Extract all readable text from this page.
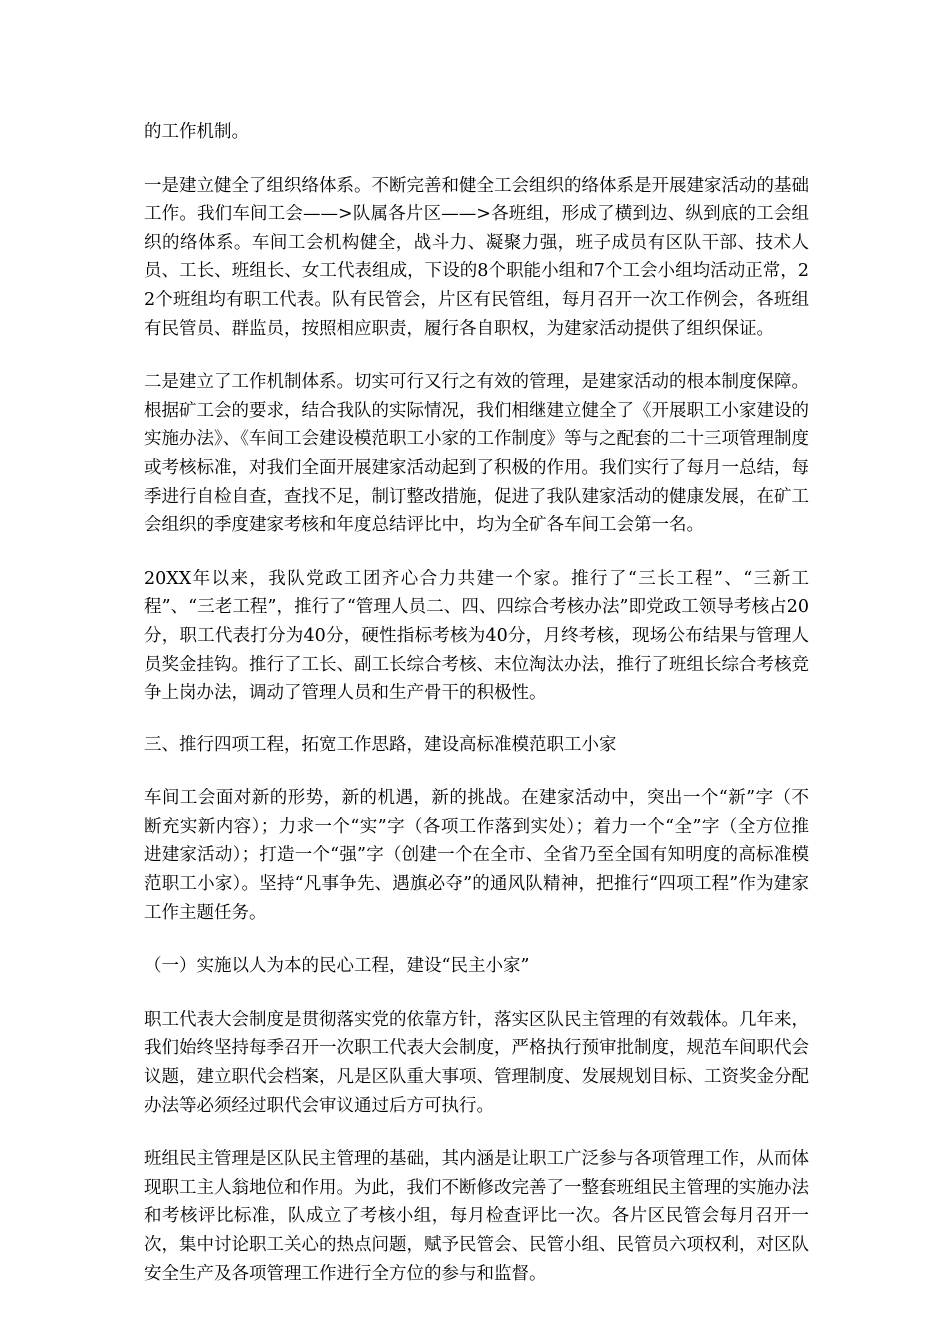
的工作机制。

一是建立健全了组织络体系。不断完善和健全工会组织的络体系是开展建家活动的基础工作。我们车间工会——>队属各片区——>各班组，形成了横到边、纵到底的工会组织的络体系。车间工会机构健全，战斗力、凝聚力强，班子成员有区队干部、技术人员、工长、班组长、女工代表组成，下设的8个职能小组和7个工会小组均活动正常，22个班组均有职工代表。队有民管会，片区有民管组，每月召开一次工作例会，各班组有民管员、群监员，按照相应职责，履行各自职权，为建家活动提供了组织保证。

二是建立了工作机制体系。切实可行又行之有效的管理，是建家活动的根本制度保障。根据矿工会的要求，结合我队的实际情况，我们相继建立健全了《开展职工小家建设的实施办法》、《车间工会建设模范职工小家的工作制度》等与之配套的二十三项管理制度或考核标准，对我们全面开展建家活动起到了积极的作用。我们实行了每月一总结，每季进行自检自查，查找不足，制订整改措施，促进了我队建家活动的健康发展，在矿工会组织的季度建家考核和年度总结评比中，均为全矿各车间工会第一名。

20XX年以来，我队党政工团齐心合力共建一个家。推行了“三长工程”、“三新工程”、“三老工程”，推行了“管理人员二、四、四综合考核办法”即党政工领导考核占20分，职工代表打分为40分，硬性指标考核为40分，月终考核，现场公布结果与管理人员奖金挂钩。推行了工长、副工长综合考核、末位淘汰办法，推行了班组长综合考核竞争上岗办法，调动了管理人员和生产骨干的积极性。

三、推行四项工程，拓宽工作思路，建设高标准模范职工小家

车间工会面对新的形势，新的机遇，新的挑战。在建家活动中，突出一个“新”字（不断充实新内容）；力求一个“实”字（各项工作落到实处）；着力一个“全”字（全方位推进建家活动）；打造一个“强”字（创建一个在全市、全省乃至全国有知明度的高标准模范职工小家）。坚持“凡事争先、遇旗必夺”的通风队精神，把推行“四项工程”作为建家工作主题任务。

（一）实施以人为本的民心工程，建设“民主小家”

职工代表大会制度是贯彻落实党的依靠方针，落实区队民主管理的有效载体。几年来，我们始终坚持每季召开一次职工代表大会制度，严格执行预审批制度，规范车间职代会议题，建立职代会档案，凡是区队重大事项、管理制度、发展规划目标、工资奖金分配办法等必须经过职代会审议通过后方可执行。

班组民主管理是区队民主管理的基础，其内涵是让职工广泛参与各项管理工作，从而体现职工主人翁地位和作用。为此，我们不断修改完善了一整套班组民主管理的实施办法和考核评比标准，队成立了考核小组，每月检查评比一次。各片区民管会每月召开一次，集中讨论职工关心的热点问题，赋予民管会、民管小组、民管员六项权利，对区队安全生产及各项管理工作进行全方位的参与和监督。
